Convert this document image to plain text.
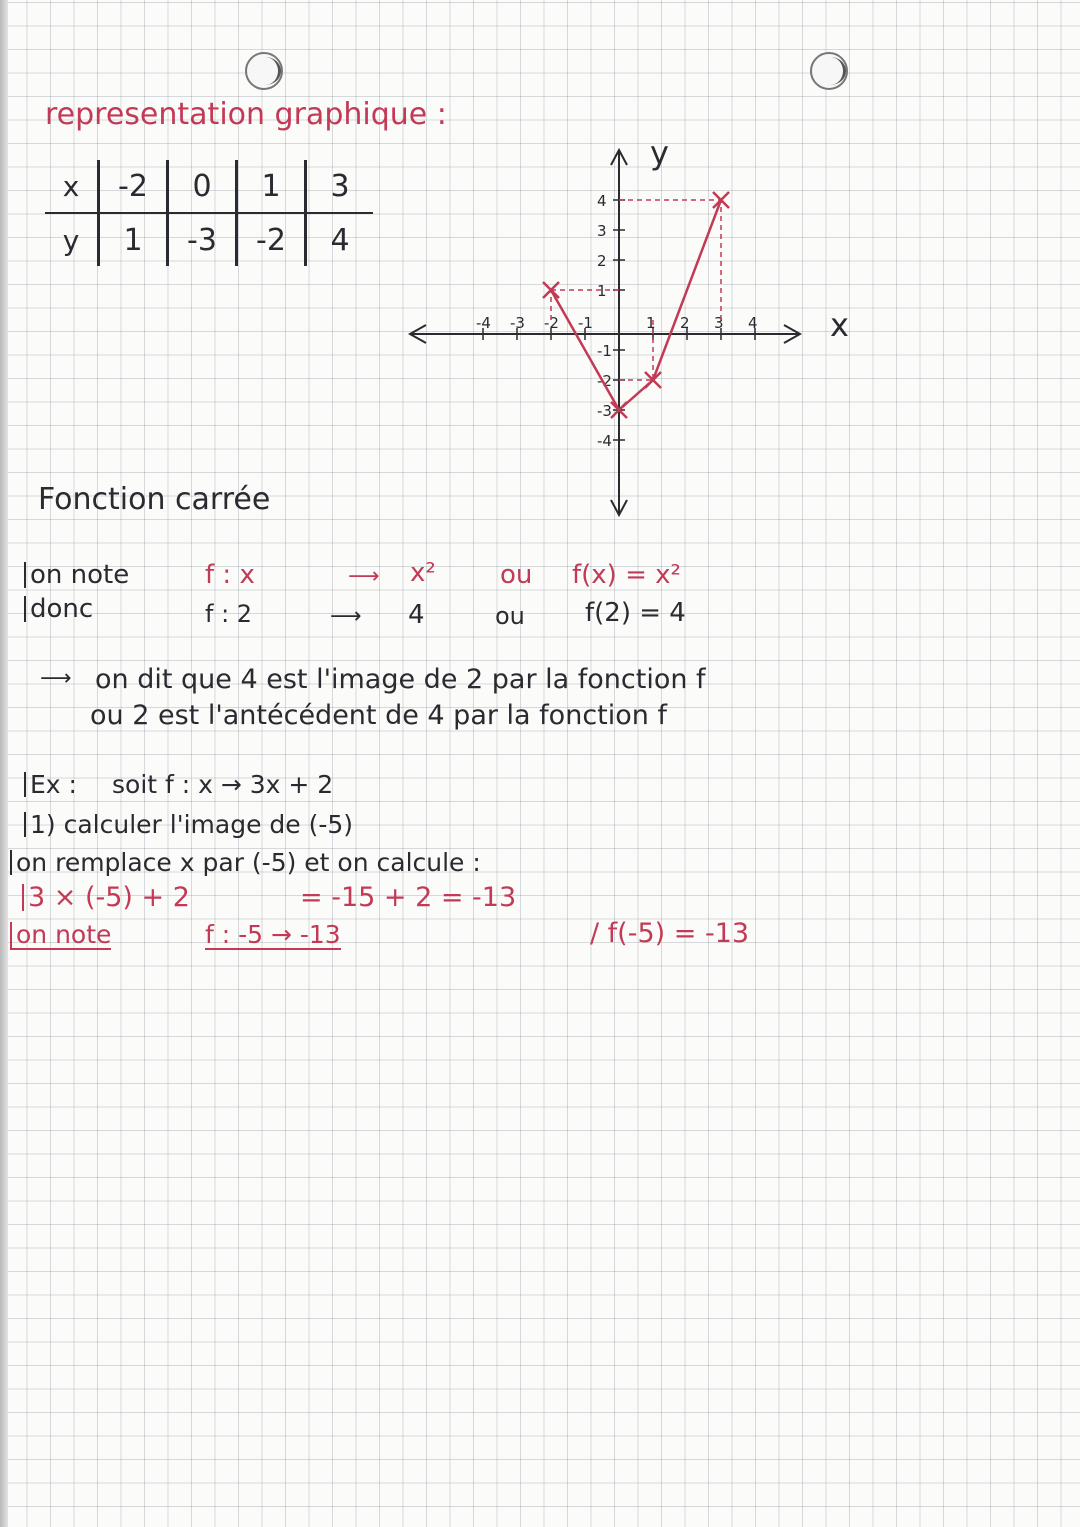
representation graphique :
x	-2	0	1	3
y	1	-3	-2	4
-4 -3 -2 -1	1 2 3 4
4
3
2
1
-1
-2
-3
-4
x
y
Fonction carrée
on note	f : x	⟶ x² ou f(x) = x²
donc	f : 2	⟶ 4	ou f(2) = 4
⟶ on dit que 4 est l'image de 2 par la fonction f
ou 2 est l'antécédent de 4 par la fonction f
Ex : soit f : x → 3x + 2
1) calculer l'image de (-5)
on remplace x par (-5) et on calcule :
3 × (-5) + 2	= -15 + 2 = -13
on note	f : -5 → -13	/ f(-5) = -13
